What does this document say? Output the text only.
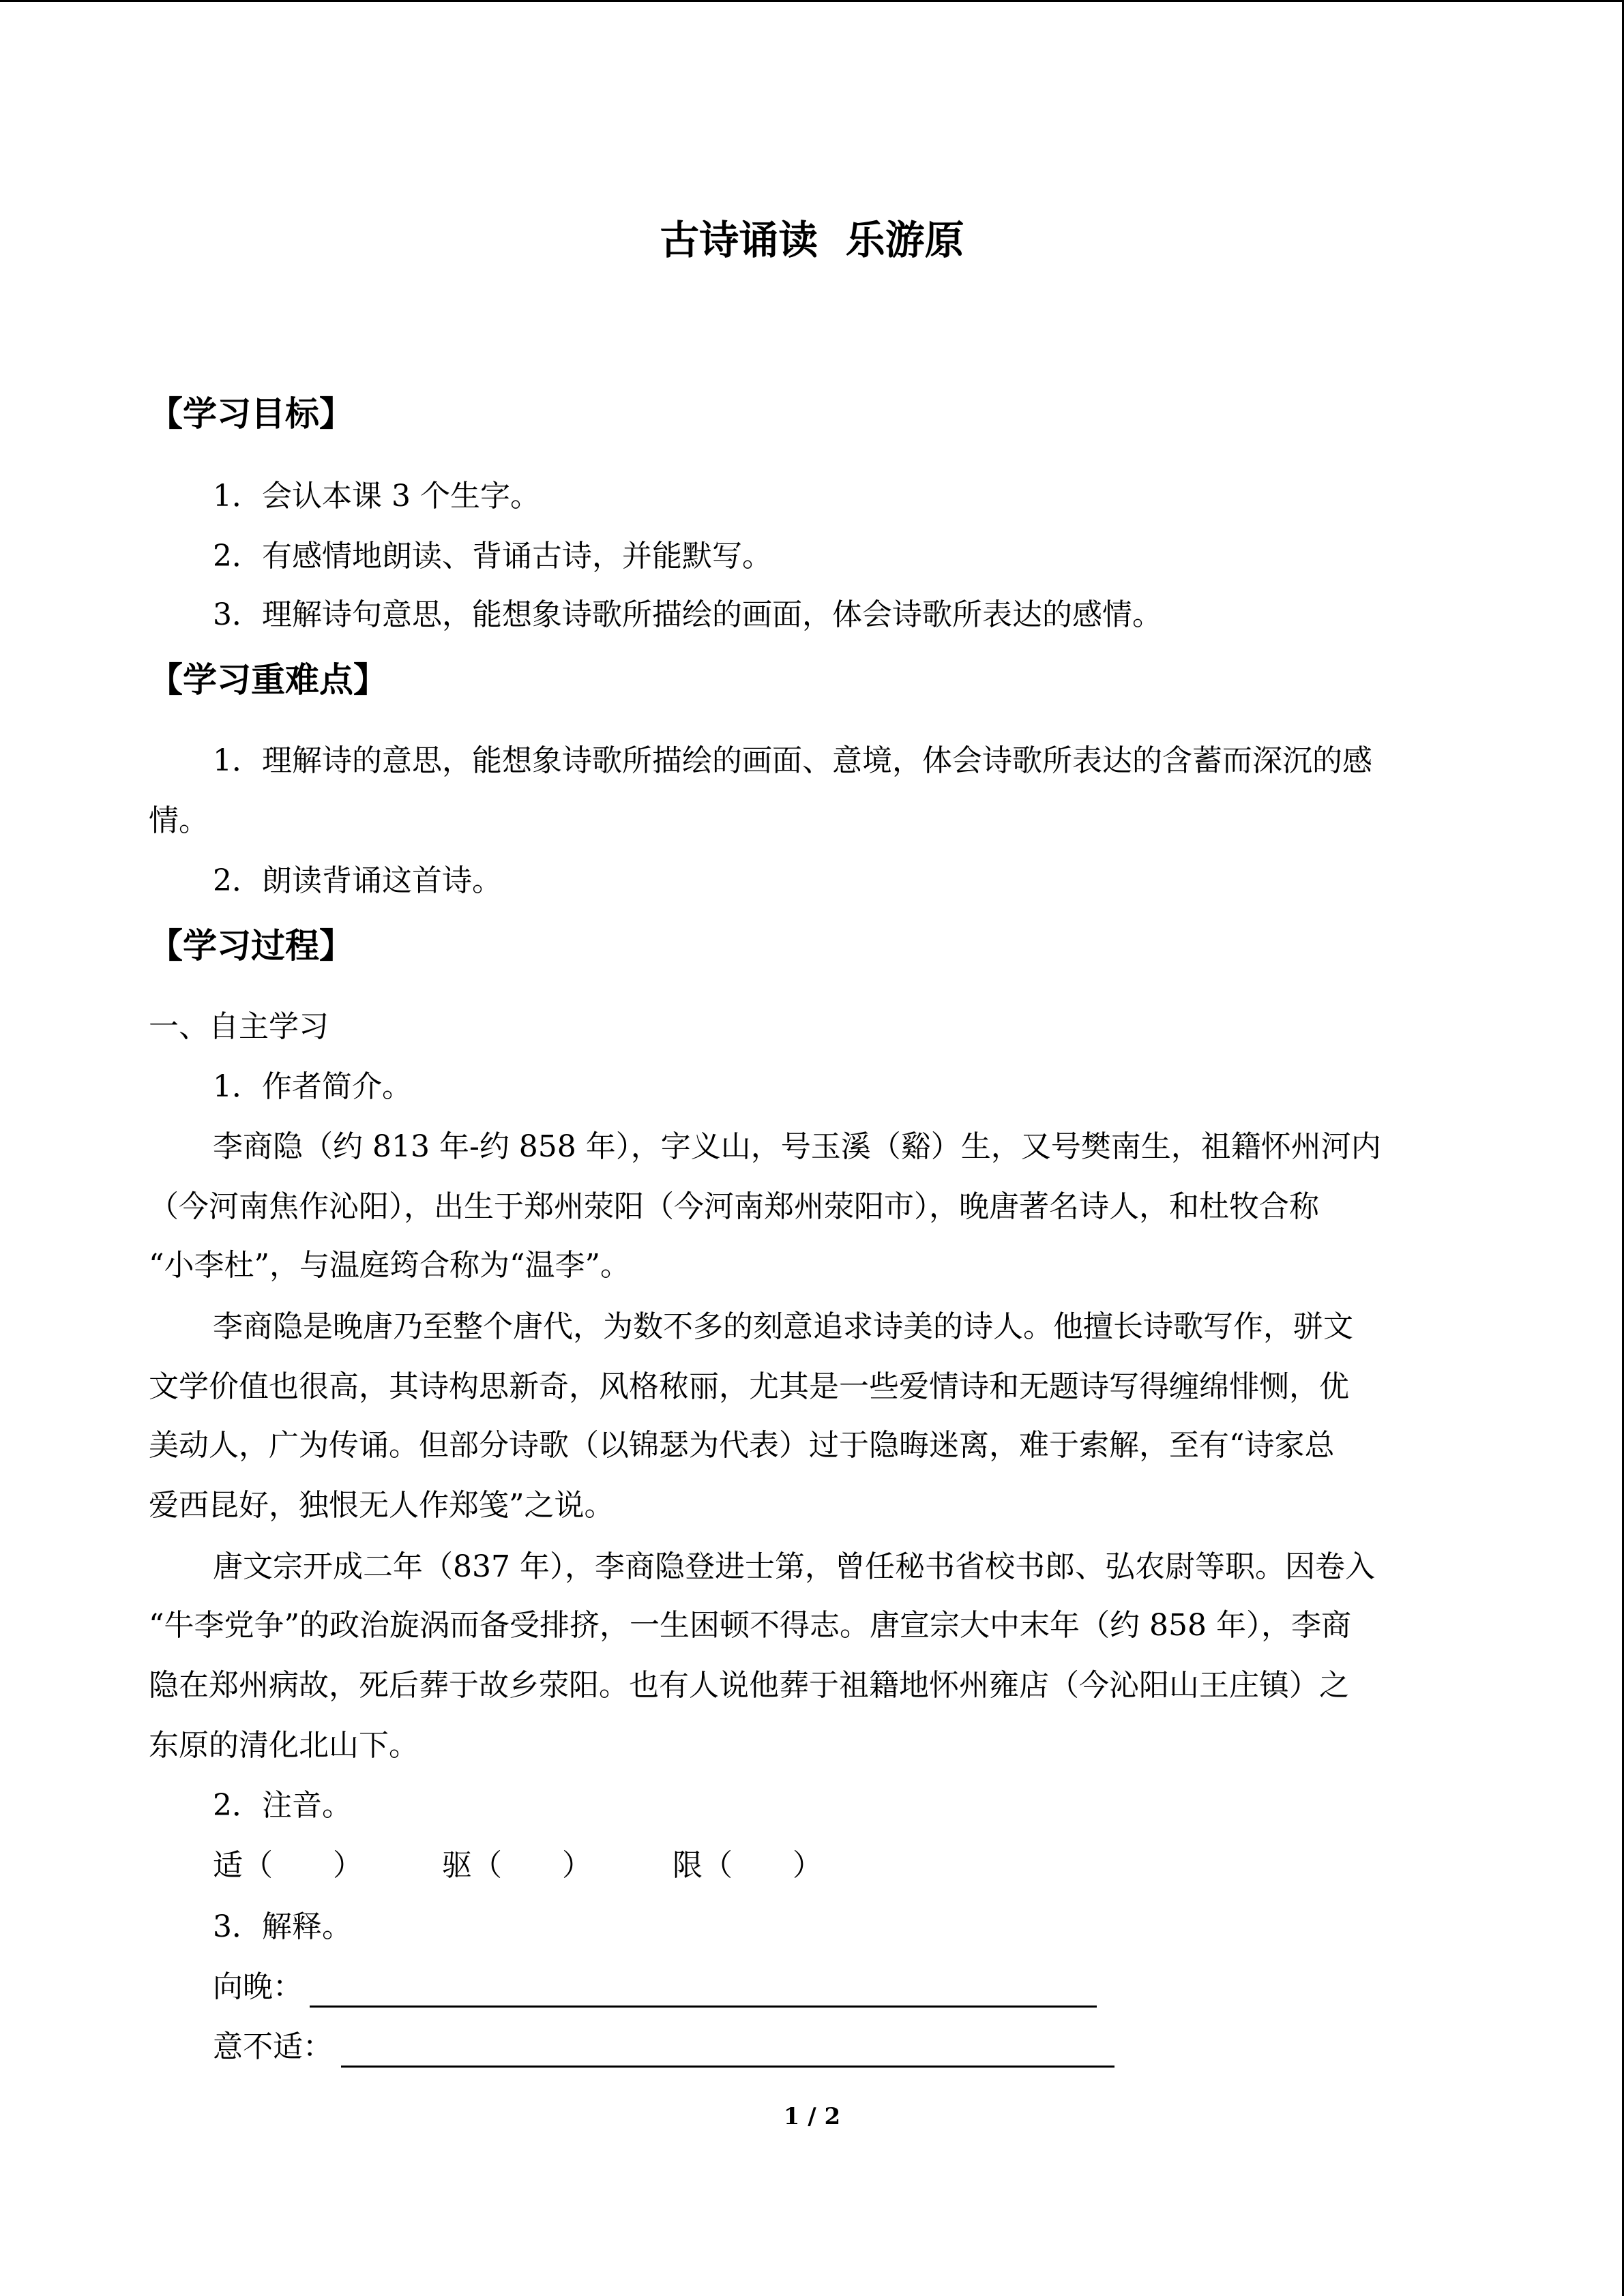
古诗诵读  乐游原
【学习目标】
1．会认本课 3 个生字。
2．有感情地朗读、背诵古诗，并能默写。
3．理解诗句意思，能想象诗歌所描绘的画面，体会诗歌所表达的感情。
【学习重难点】
1．理解诗的意思，能想象诗歌所描绘的画面、意境，体会诗歌所表达的含蓄而深沉的感
情。
2．朗读背诵这首诗。
【学习过程】
一、自主学习
1．作者简介。
李商隐（约 813 年-约 858 年），字义山，号玉溪（谿）生，又号樊南生，祖籍怀州河内
（今河南焦作沁阳），出生于郑州荥阳（今河南郑州荥阳市），晚唐著名诗人，和杜牧合称
“小李杜”，与温庭筠合称为“温李”。
李商隐是晚唐乃至整个唐代，为数不多的刻意追求诗美的诗人。他擅长诗歌写作，骈文
文学价值也很高，其诗构思新奇，风格秾丽，尤其是一些爱情诗和无题诗写得缠绵悱恻，优
美动人，广为传诵。但部分诗歌（以锦瑟为代表）过于隐晦迷离，难于索解，至有“诗家总
爱西昆好，独恨无人作郑笺”之说。
唐文宗开成二年（837 年），李商隐登进士第，曾任秘书省校书郎、弘农尉等职。因卷入
“牛李党争”的政治旋涡而备受排挤，一生困顿不得志。唐宣宗大中末年（约 858 年），李商
隐在郑州病故，死后葬于故乡荥阳。也有人说他葬于祖籍地怀州雍店（今沁阳山王庄镇）之
东原的清化北山下。
2．注音。
适（　　）	驱（　　）	限（　　）
3．解释。
向晚：
意不适：
1 / 2
